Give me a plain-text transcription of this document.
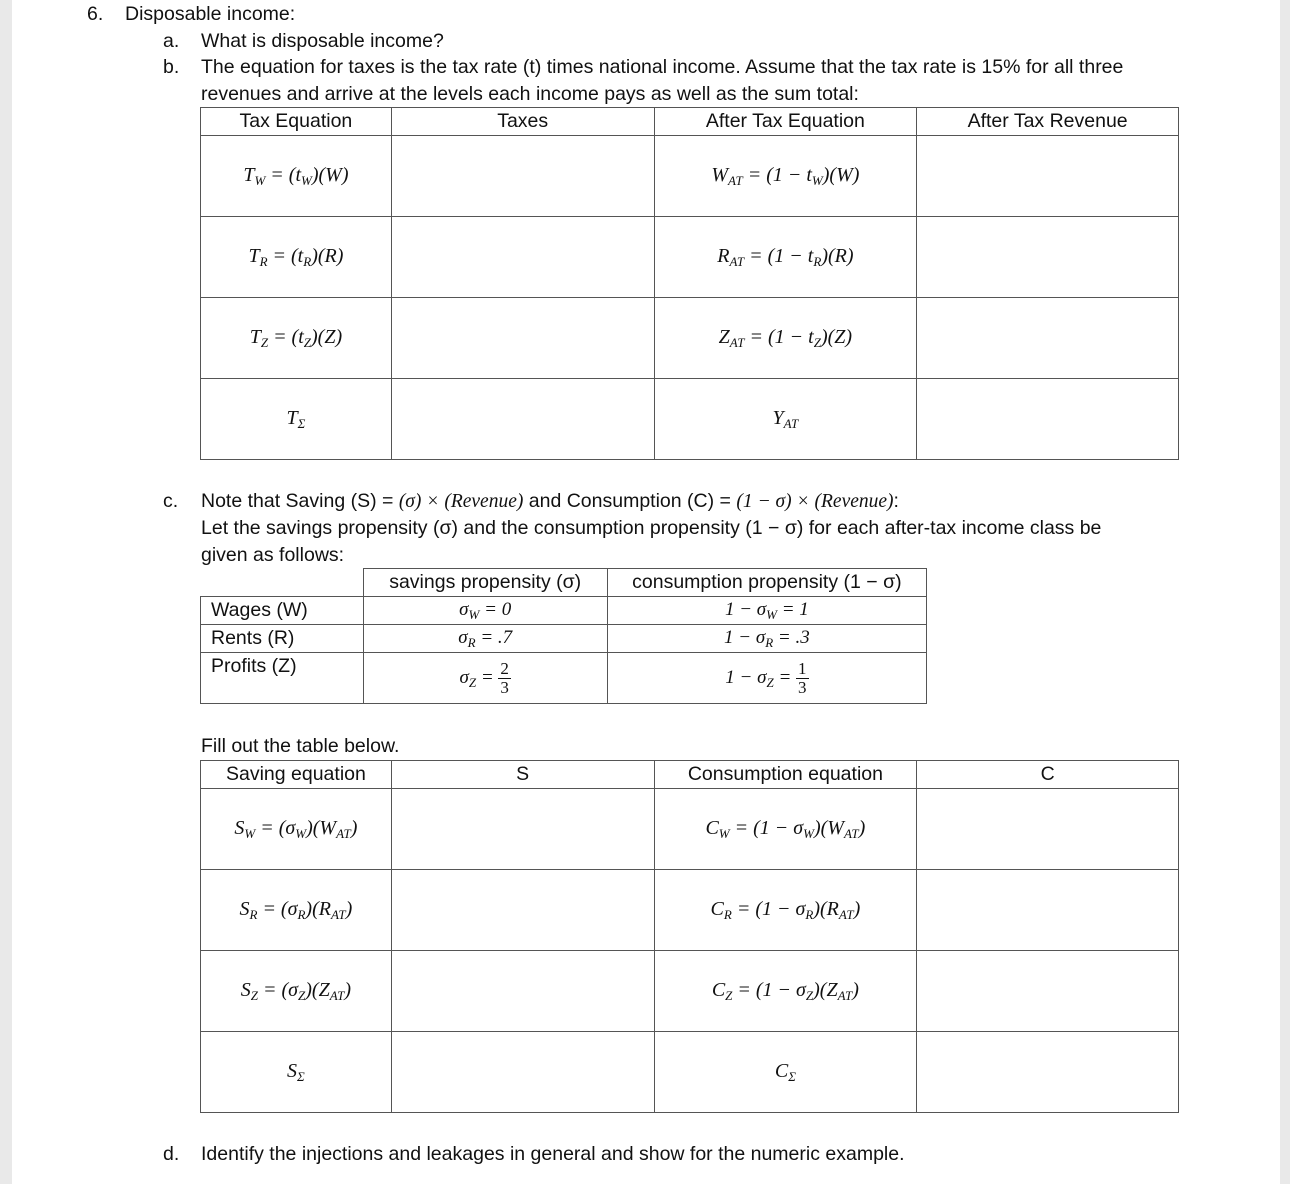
6. Disposable income:
a. What is disposable income?
b. The equation for taxes is the tax rate (t) times national income. Assume that the tax rate is 15% for all three
revenues and arrive at the levels each income pays as well as the sum total:
Tax Equation	Taxes	After Tax Equation	After Tax Revenue
$T_W = (t_W)(W)$		$W_{AT} = (1 - t_W)(W)$	
$T_R = (t_R)(R)$		$R_{AT} = (1 - t_R)(R)$	
$T_Z = (t_Z)(Z)$		$Z_{AT} = (1 - t_Z)(Z)$	
$T_\Sigma$		$Y_{AT}$	
c. Note that Saving (S) = (σ) × (Revenue) and Consumption (C) = (1 − σ) × (Revenue):
Let the savings propensity (σ) and the consumption propensity (1 − σ) for each after-tax income class be
given as follows:
	savings propensity (σ)	consumption propensity (1 − σ)
Wages (W)	$\sigma_W = 0$	$1 - \sigma_W = 1$
Rents (R)	$\sigma_R = .7$	$1 - \sigma_R = .3$
Profits (Z)	$\sigma_Z = \frac{2}{3}$	$1 - \sigma_Z = \frac{1}{3}$
Fill out the table below.
Saving equation	S	Consumption equation	C
$S_W = (\sigma_W)(W_{AT})$		$C_W = (1 - \sigma_W)(W_{AT})$	
$S_R = (\sigma_R)(R_{AT})$		$C_R = (1 - \sigma_R)(R_{AT})$	
$S_Z = (\sigma_Z)(Z_{AT})$		$C_Z = (1 - \sigma_Z)(Z_{AT})$	
$S_\Sigma$		$C_\Sigma$	
d. Identify the injections and leakages in general and show for the numeric example.
